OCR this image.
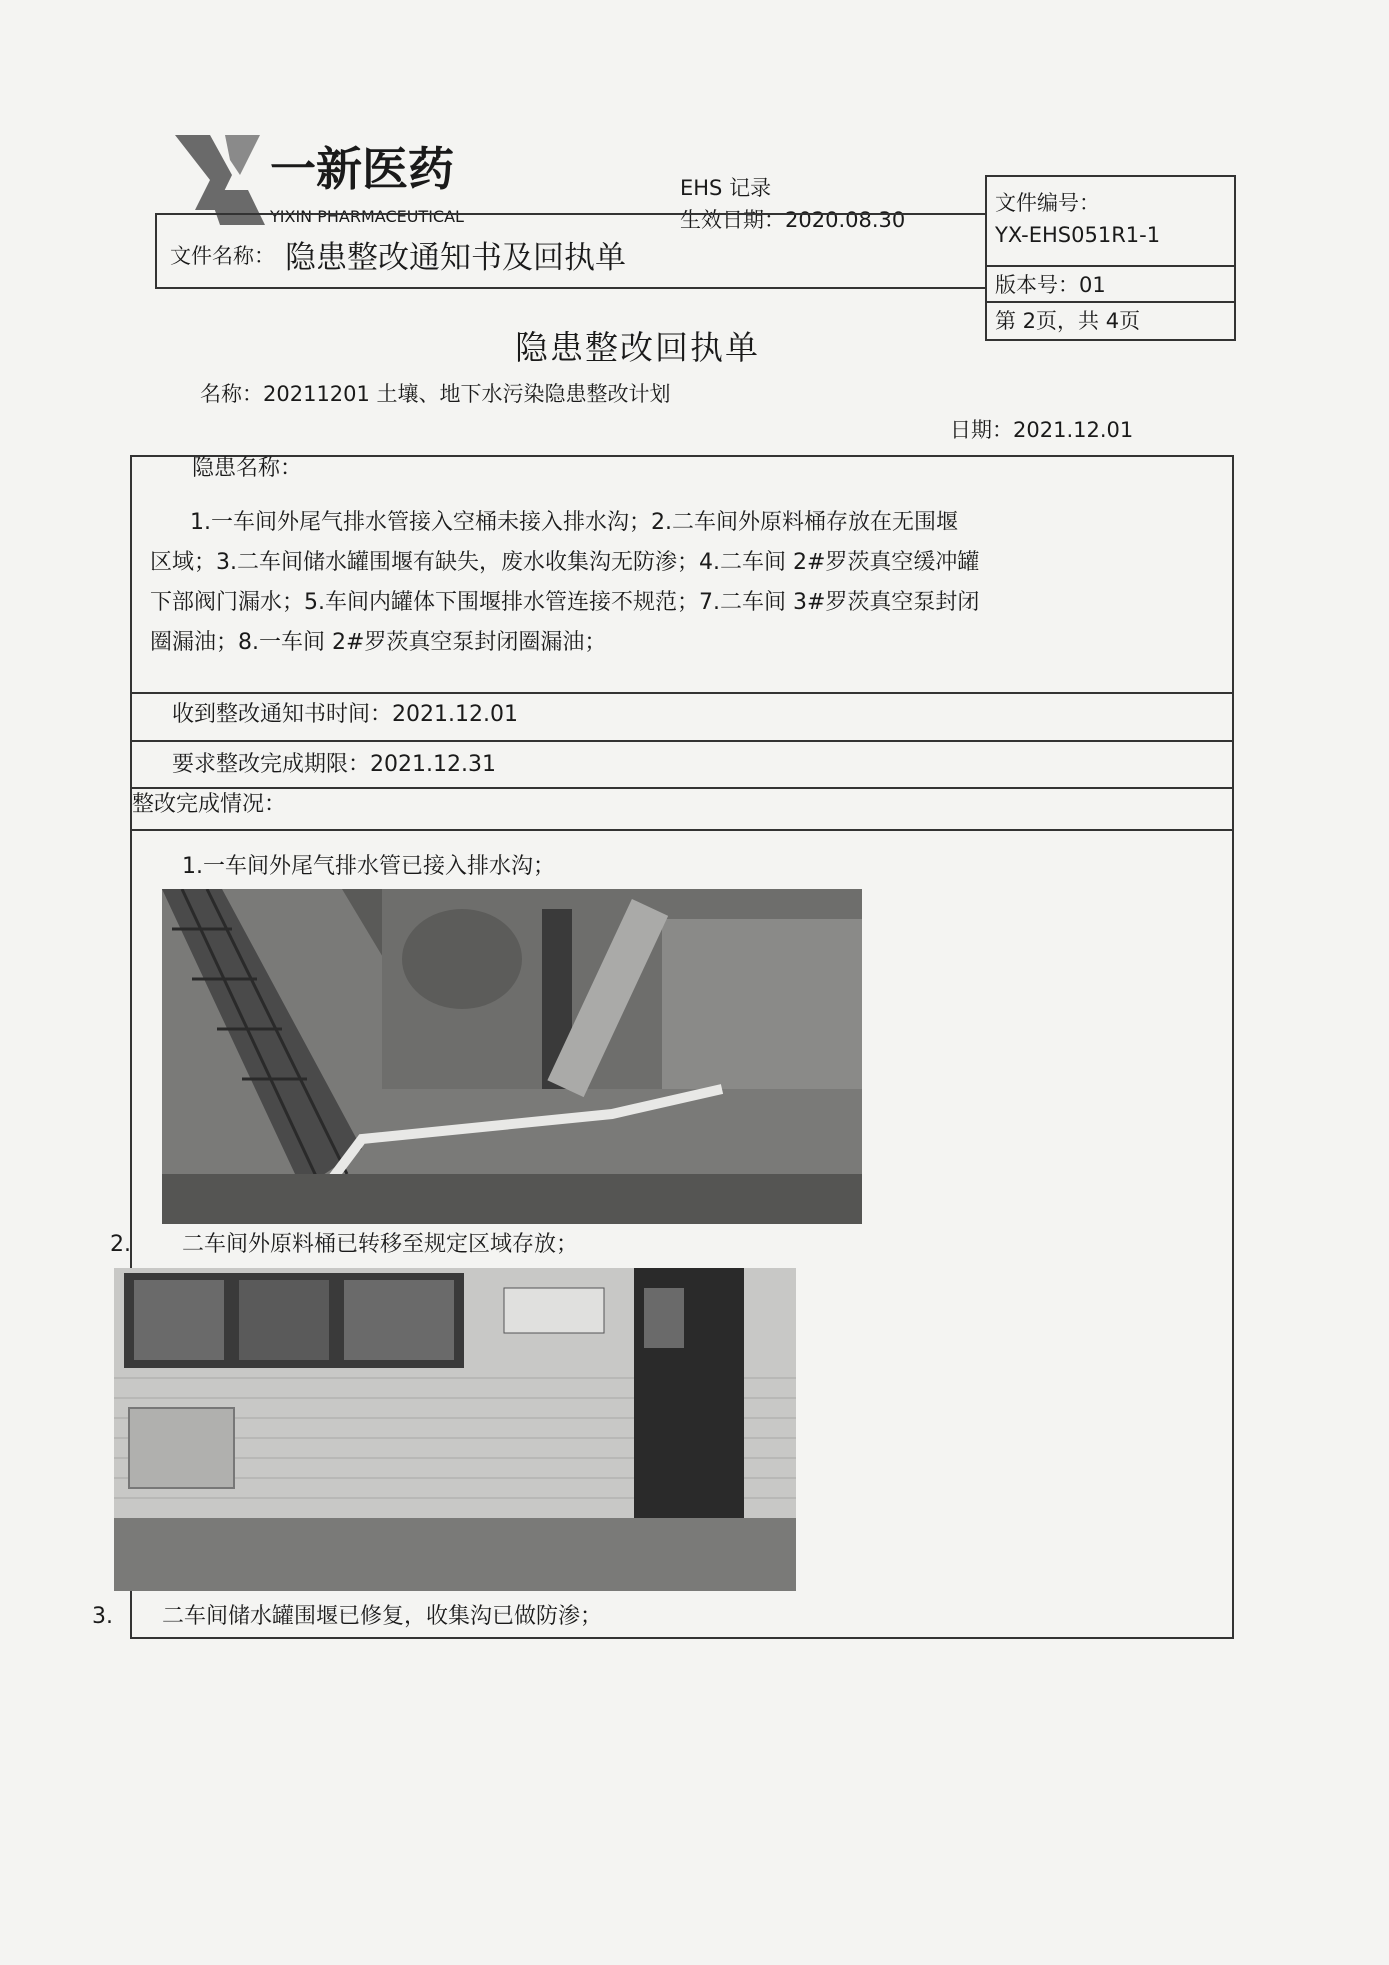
一新医药
YIXIN PHARMACEUTICAL
EHS 记录
生效日期：2020.08.30
文件编号：
YX-EHS051R1-1
版本号：01
第 2页，共 4页
文件名称： 隐患整改通知书及回执单
隐患整改回执单
名称：20211201 土壤、地下水污染隐患整改计划
日期：2021.12.01
隐患名称：
1.一车间外尾气排水管接入空桶未接入排水沟；2.二车间外原料桶存放在无围堰
区域；3.二车间储水罐围堰有缺失，废水收集沟无防渗；4.二车间 2#罗茨真空缓冲罐
下部阀门漏水；5.车间内罐体下围堰排水管连接不规范；7.二车间 3#罗茨真空泵封闭
圈漏油；8.一车间 2#罗茨真空泵封闭圈漏油；
收到整改通知书时间：2021.12.01
要求整改完成期限：2021.12.31
整改完成情况：
1.一车间外尾气排水管已接入排水沟；
2. 二车间外原料桶已转移至规定区域存放；
3. 二车间储水罐围堰已修复，收集沟已做防渗；
